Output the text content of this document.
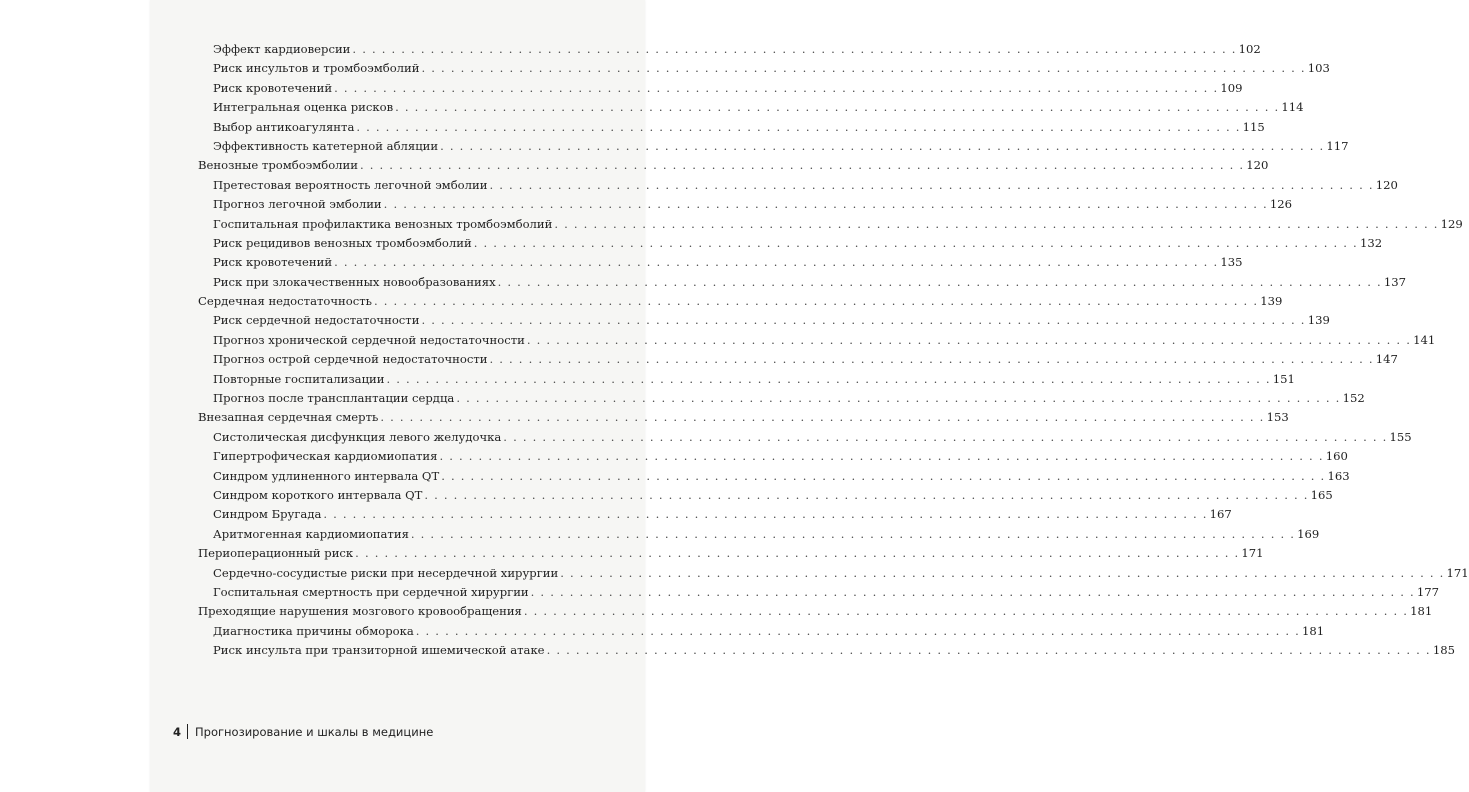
Эффект кардиоверсии . . .	102
Риск инсультов и тромбоэмболий . . .	103
Риск кровотечений . . .	109
Интегральная оценка рисков . . .	114
Выбор антикоагулянта . . .	115
Эффективность катетерной абляции . . .	117
Венозные тромбоэмболии . . .	120
Претестовая вероятность легочной эмболии . . .	120
Прогноз легочной эмболии . . .	126
Госпитальная профилактика венозных тромбоэмболий . . .	129
Риск рецидивов венозных тромбоэмболий . . .	132
Риск кровотечений . . .	135
Риск при злокачественных новообразованиях . . .	137
Сердечная недостаточность . . .	139
Риск сердечной недостаточности . . .	139
Прогноз хронической сердечной недостаточности . . .	141
Прогноз острой сердечной недостаточности . . .	147
Повторные госпитализации . . .	151
Прогноз после трансплантации сердца . . .	152
Внезапная сердечная смерть . . .	153
Систолическая дисфункция левого желудочка . . .	155
Гипертрофическая кардиомиопатия . . .	160
Синдром удлиненного интервала QT . . .	163
Синдром короткого интервала QT . . .	165
Синдром Бругада . . .	167
Аритмогенная кардиомиопатия . . .	169
Периоперационный риск . . .	171
Сердечно-сосудистые риски при несердечной хирургии . . .	171
Госпитальная смертность при сердечной хирургии . . .	177
Преходящие нарушения мозгового кровообращения . . .	181
Диагностика причины обморока . . .	181
Риск инсульта при транзиторной ишемической атаке . . .	185
4 Прогнозирование и шкалы в медицине
